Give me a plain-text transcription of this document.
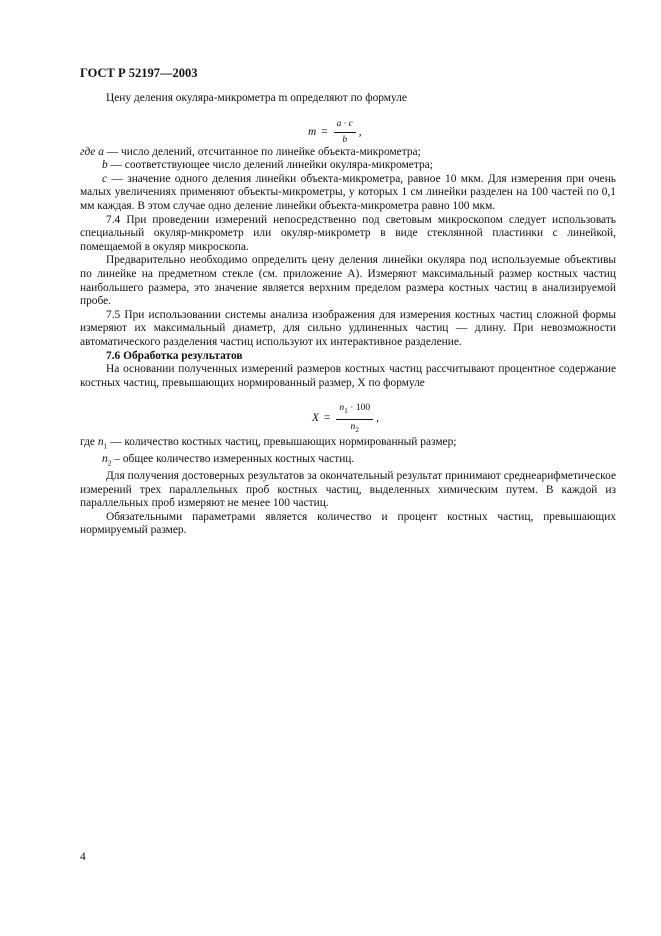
ГОСТ Р 52197—2003

Цену деления окуляра-микрометра m определяют по формуле

$m = \frac{a \cdot c}{b}$ ,

где a — число делений, отсчитанное по линейке объекта-микрометра;

b — соответствующее число делений линейки окуляра-микрометра;

c — значение одного деления линейки объекта-микрометра, равное 10 мкм. Для измерения при очень малых увеличениях применяют объекты-микрометры, у которых 1 см линейки разделен на 100 частей по 0,1 мм каждая. В этом случае одно деление линейки объекта-микрометра равно 100 мкм.

7.4 При проведении измерений непосредственно под световым микроскопом следует использовать специальный окуляр-микрометр или окуляр-микрометр в виде стеклянной пластинки с линейкой, помещаемой в окуляр микроскопа.

Предварительно необходимо определить цену деления линейки окуляра под используемые объективы по линейке на предметном стекле (см. приложение А). Измеряют максимальный размер костных частиц наибольшего размера, это значение является верхним пределом размера костных частиц в анализируемой пробе.

7.5 При использовании системы анализа изображения для измерения костных частиц сложной формы измеряют их максимальный диаметр, для сильно удлиненных частиц — длину. При невозможности автоматического разделения частиц используют их интерактивное разделение.

7.6 Обработка результатов

На основании полученных измерений размеров костных частиц рассчитывают процентное содержание костных частиц, превышающих нормированный размер, X по формуле

$X = \frac{n_1 \cdot 100}{n_2}$ ,

где $n_1$ — количество костных частиц, превышающих нормированный размер;

$n_2$ – общее количество измеренных костных частиц.

Для получения достоверных результатов за окончательный результат принимают среднеарифметическое измерений трех параллельных проб костных частиц, выделенных химическим путем. В каждой из параллельных проб измеряют не менее 100 частиц.

Обязательными параметрами является количество и процент костных частиц, превышающих нормируемый размер.

4
